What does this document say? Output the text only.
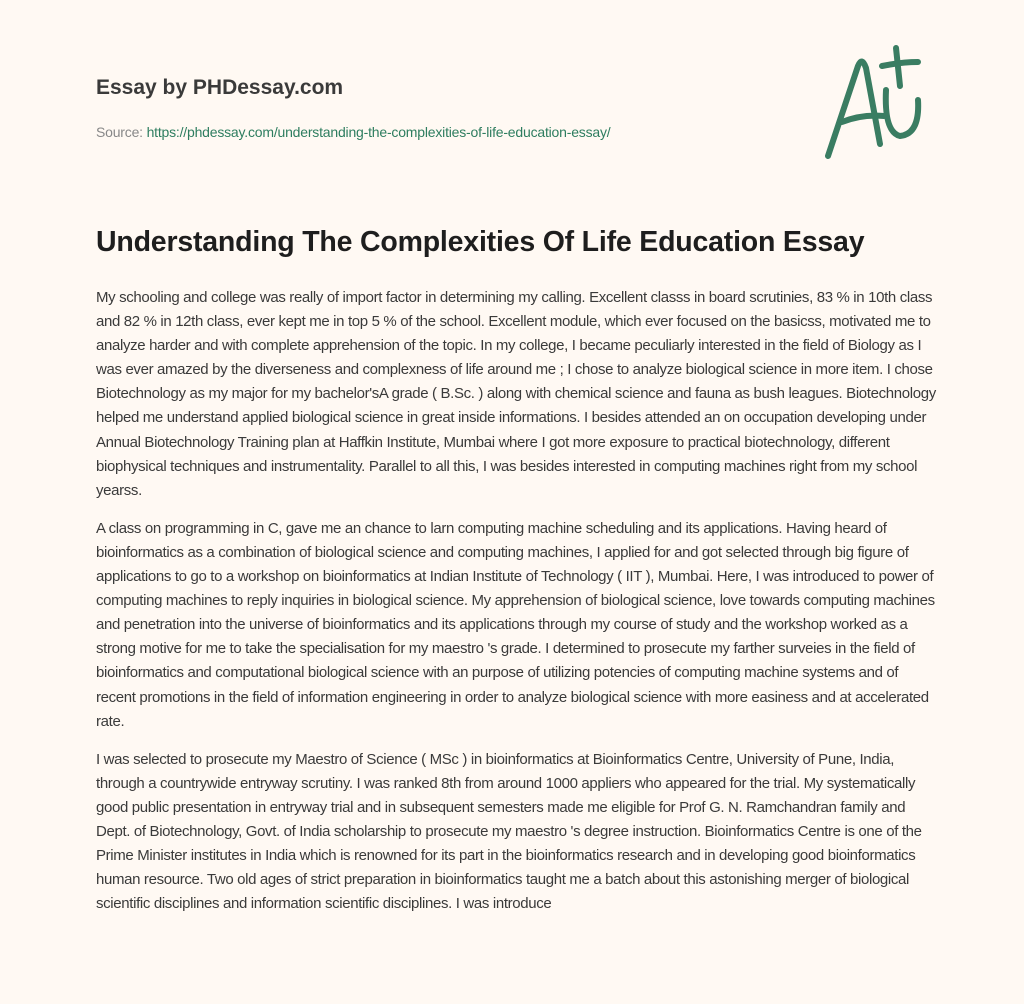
Essay by PHDessay.com
Source: https://phdessay.com/understanding-the-complexities-of-life-education-essay/
Understanding The Complexities Of Life Education Essay

My schooling and college was really of import factor in determining my calling. Excellent classs in board scrutinies, 83 % in 10th class and 82 % in 12th class, ever kept me in top 5 % of the school. Excellent module, which ever focused on the basicss, motivated me to analyze harder and with complete apprehension of the topic. In my college, I became peculiarly interested in the field of Biology as I was ever amazed by the diverseness and complexness of life around me ; I chose to analyze biological science in more item. I chose Biotechnology as my major for my bachelor'sA grade ( B.Sc. ) along with chemical science and fauna as bush leagues. Biotechnology helped me understand applied biological science in great inside informations. I besides attended an on occupation developing under Annual Biotechnology Training plan at Haffkin Institute, Mumbai where I got more exposure to practical biotechnology, different biophysical techniques and instrumentality. Parallel to all this, I was besides interested in computing machines right from my school yearss.

A class on programming in C, gave me an chance to larn computing machine scheduling and its applications. Having heard of bioinformatics as a combination of biological science and computing machines, I applied for and got selected through big figure of applications to go to a workshop on bioinformatics at Indian Institute of Technology ( IIT ), Mumbai. Here, I was introduced to power of computing machines to reply inquiries in biological science. My apprehension of biological science, love towards computing machines and penetration into the universe of bioinformatics and its applications through my course of study and the workshop worked as a strong motive for me to take the specialisation for my maestro 's grade. I determined to prosecute my farther surveies in the field of bioinformatics and computational biological science with an purpose of utilizing potencies of computing machine systems and of recent promotions in the field of information engineering in order to analyze biological science with more easiness and at accelerated rate.

I was selected to prosecute my Maestro of Science ( MSc ) in bioinformatics at Bioinformatics Centre, University of Pune, India, through a countrywide entryway scrutiny. I was ranked 8th from around 1000 appliers who appeared for the trial. My systematically good public presentation in entryway trial and in subsequent semesters made me eligible for Prof G. N. Ramchandran family and Dept. of Biotechnology, Govt. of India scholarship to prosecute my maestro 's degree instruction. Bioinformatics Centre is one of the Prime Minister institutes in India which is renowned for its part in the bioinformatics research and in developing good bioinformatics human resource. Two old ages of strict preparation in bioinformatics taught me a batch about this astonishing merger of biological scientific disciplines and information scientific disciplines. I was introduce
